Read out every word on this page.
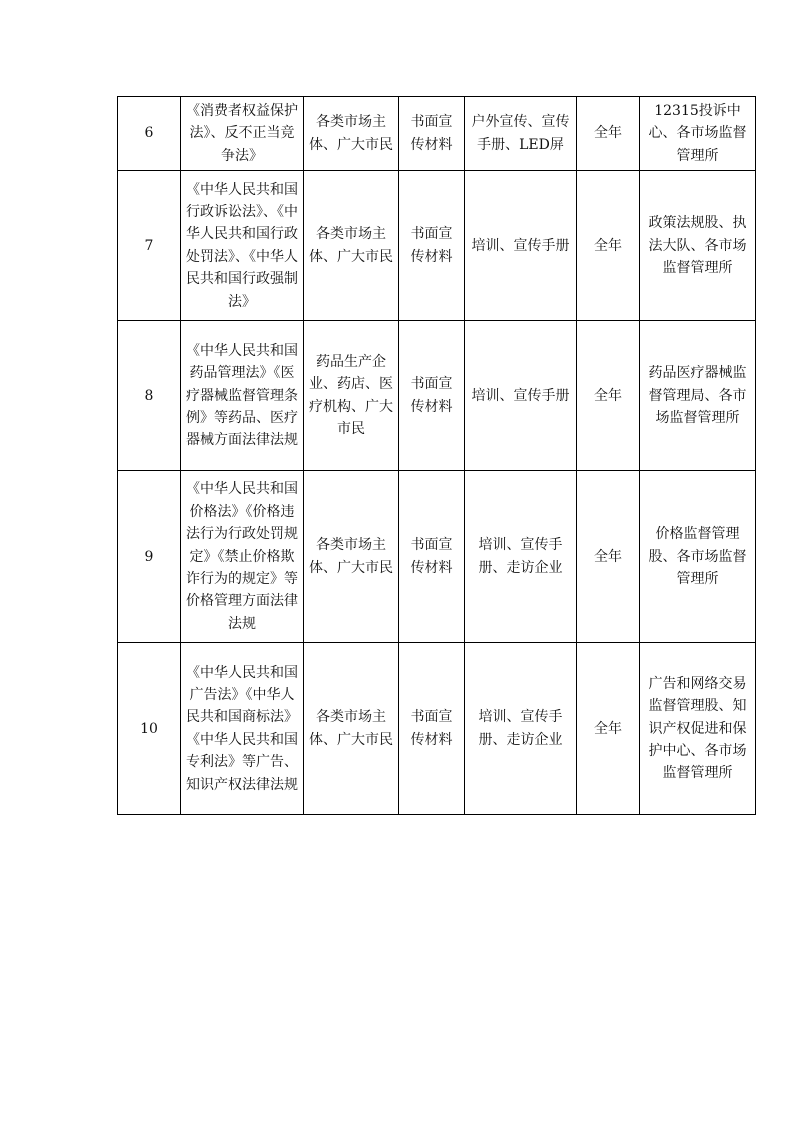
6	《消费者权益保护法》、反不正当竞争法》	各类市场主体、广大市民	书面宣传材料	户外宣传、宣传手册、LED屏	全年	12315投诉中心、各市场监督管理所
7	《中华人民共和国行政诉讼法》、《中华人民共和国行政处罚法》、《中华人民共和国行政强制法》	各类市场主体、广大市民	书面宣传材料	培训、宣传手册	全年	政策法规股、执法大队、各市场监督管理所
8	《中华人民共和国药品管理法》《医疗器械监督管理条例》等药品、医疗器械方面法律法规	药品生产企业、药店、医疗机构、广大市民	书面宣传材料	培训、宣传手册	全年	药品医疗器械监督管理局、各市场监督管理所
9	《中华人民共和国价格法》《价格违法行为行政处罚规定》《禁止价格欺诈行为的规定》等价格管理方面法律法规	各类市场主体、广大市民	书面宣传材料	培训、宣传手册、走访企业	全年	价格监督管理股、各市场监督管理所
10	《中华人民共和国广告法》《中华人民共和国商标法》《中华人民共和国专利法》等广告、知识产权法律法规	各类市场主体、广大市民	书面宣传材料	培训、宣传手册、走访企业	全年	广告和网络交易监督管理股、知识产权促进和保护中心、各市场监督管理所
